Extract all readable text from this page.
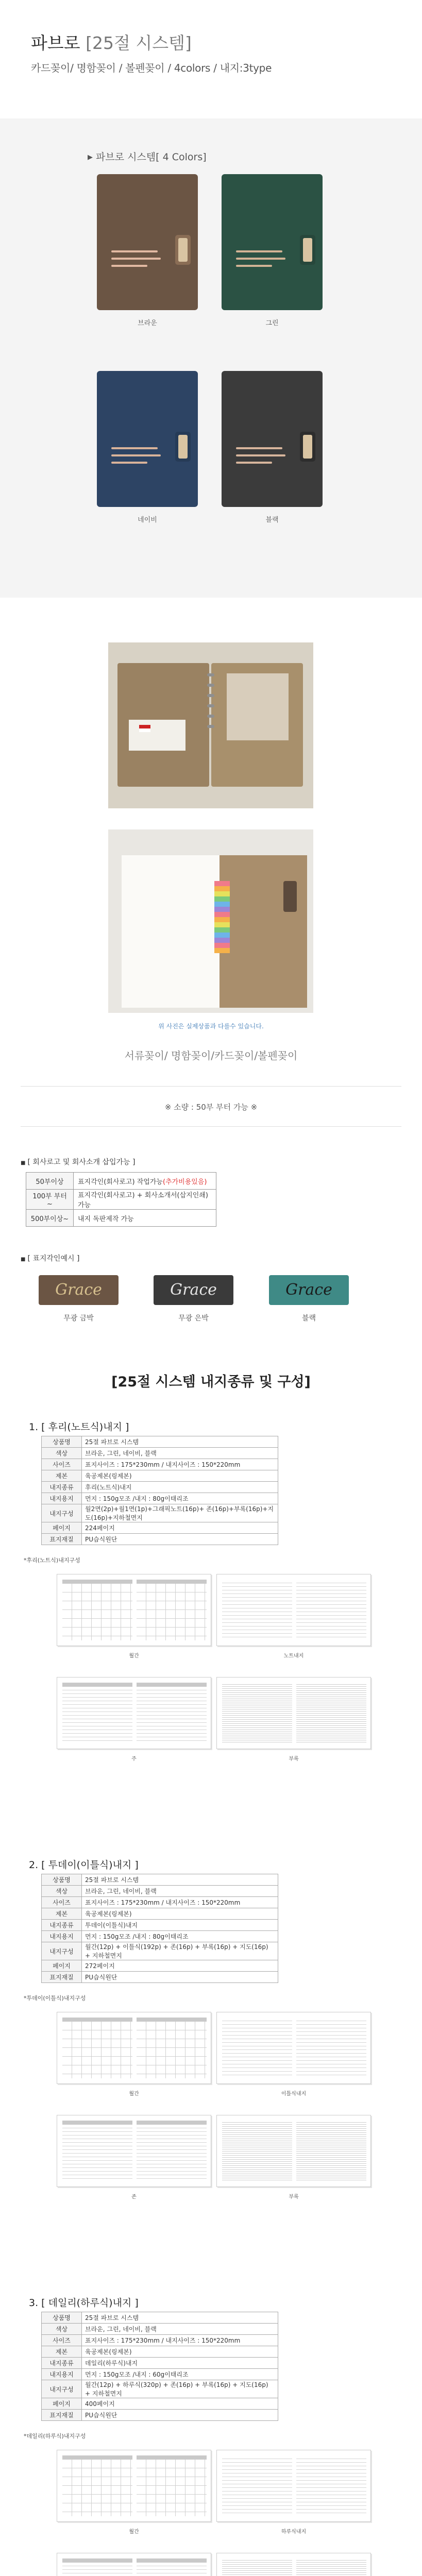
파브로 [25절 시스템]
카드꽂이/ 명함꽂이 / 볼펜꽂이 / 4colors / 내지:3type
▶ 파브로 시스템[ 4 Colors]
브라운	그린
네이비	블랙
위 사진은 실제상품과 다를수 있습니다.
서류꽂이/ 명함꽂이/카드꽂이/볼펜꽂이
※ 소량 : 50부 부터 가능 ※
■ [ 회사로고 및 회사소개 삽입가능 ]
50부이상	표지각인(회사로고) 작업가능(추가비용있음)
100부 부터~	표지각인(회사로고) + 회사소개서(삽지인쇄)가능
500부이상~	내지 독판제작 가능
■ [ 표지각인예시 ]
Grace
무광 금박
Grace
무광 은박
Grace
블랙
[25절 시스템 내지종류 및 구성]
1. [ 후리(노트식)내지 ]
상품명	25절 파브로 시스템
색상	브라운, 그린, 네이비, 블랙
사이즈	표지사이즈 : 175*230mm / 내지사이즈 : 150*220mm
제본	육공제본(링제본)
내지종류	후리(노트식)내지
내지용지	먼지 : 150g모조 /내지 : 80g이태리조
내지구성	월2면(2p)+월1면(1p)+그래픽노트(16p)+ 존(16p)+부록(16p)+지도(16p)+지하철면지
페이지	224페이지
표지재질	PU습식원단
*후리(노트식)내지구성
월간	노트내지
주	부록
2. [ 투데이(이틀식)내지 ]
상품명	25절 파브로 시스템
색상	브라운, 그린, 네이비, 블랙
사이즈	표지사이즈 : 175*230mm / 내지사이즈 : 150*220mm
제본	육공제본(링제본)
내지종류	투데이(이틀식)내지
내지용지	먼지 : 150g모조 /내지 : 80g이태리조
내지구성	월간(12p) + 이틀식(192p) + 존(16p) + 부록(16p) + 지도(16p) + 지하철면지
페이지	272페이지
표지재질	PU습식원단
*투데이(이틀식)내지구성
월간	이틀식내지
존	부록
3. [ 데일리(하루식)내지 ]
상품명	25절 파브로 시스템
색상	브라운, 그린, 네이비, 블랙
사이즈	표지사이즈 : 175*230mm / 내지사이즈 : 150*220mm
제본	육공제본(링제본)
내지종류	데일리(하루식)내지
내지용지	먼지 : 150g모조 /내지 : 60g이태리조
내지구성	월간(12p) + 하루식(320p) + 존(16p) + 부록(16p) + 지도(16p) + 지하철면지
페이지	400페이지
표지재질	PU습식원단
*데일리(하루식)내지구성
월간	하루식내지
